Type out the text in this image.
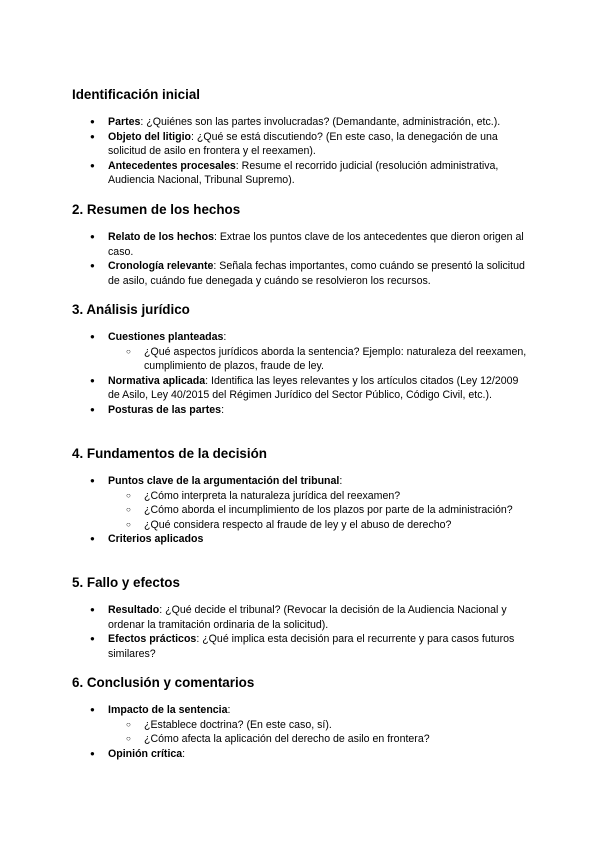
Identificación inicial
● Partes: ¿Quiénes son las partes involucradas? (Demandante, administración, etc.).
● Objeto del litigio: ¿Qué se está discutiendo? (En este caso, la denegación de una solicitud de asilo en frontera y el reexamen).
● Antecedentes procesales: Resume el recorrido judicial (resolución administrativa, Audiencia Nacional, Tribunal Supremo).
2. Resumen de los hechos
● Relato de los hechos: Extrae los puntos clave de los antecedentes que dieron origen al caso.
● Cronología relevante: Señala fechas importantes, como cuándo se presentó la solicitud de asilo, cuándo fue denegada y cuándo se resolvieron los recursos.
3. Análisis jurídico
● Cuestiones planteadas:
○ ¿Qué aspectos jurídicos aborda la sentencia? Ejemplo: naturaleza del reexamen, cumplimiento de plazos, fraude de ley.
● Normativa aplicada: Identifica las leyes relevantes y los artículos citados (Ley 12/2009 de Asilo, Ley 40/2015 del Régimen Jurídico del Sector Público, Código Civil, etc.).
● Posturas de las partes:
4. Fundamentos de la decisión
● Puntos clave de la argumentación del tribunal:
○ ¿Cómo interpreta la naturaleza jurídica del reexamen?
○ ¿Cómo aborda el incumplimiento de los plazos por parte de la administración?
○ ¿Qué considera respecto al fraude de ley y el abuso de derecho?
● Criterios aplicados
5. Fallo y efectos
● Resultado: ¿Qué decide el tribunal? (Revocar la decisión de la Audiencia Nacional y ordenar la tramitación ordinaria de la solicitud).
● Efectos prácticos: ¿Qué implica esta decisión para el recurrente y para casos futuros similares?
6. Conclusión y comentarios
● Impacto de la sentencia:
○ ¿Establece doctrina? (En este caso, sí).
○ ¿Cómo afecta la aplicación del derecho de asilo en frontera?
● Opinión crítica:
